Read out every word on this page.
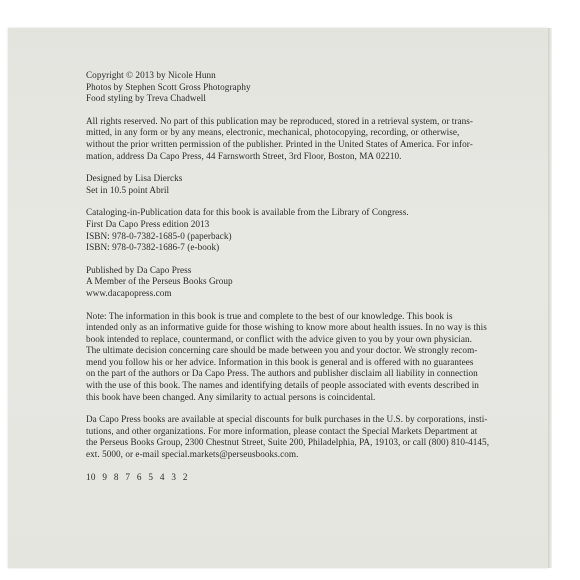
Copyright © 2013 by Nicole Hunn
Photos by Stephen Scott Gross Photography
Food styling by Treva Chadwell
All rights reserved. No part of this publication may be reproduced, stored in a retrieval system, or trans-
mitted, in any form or by any means, electronic, mechanical, photocopying, recording, or otherwise,
without the prior written permission of the publisher. Printed in the United States of America. For infor-
mation, address Da Capo Press, 44 Farnsworth Street, 3rd Floor, Boston, MA 02210.
Designed by Lisa Diercks
Set in 10.5 point Abril
Cataloging-in-Publication data for this book is available from the Library of Congress.
First Da Capo Press edition 2013
ISBN: 978-0-7382-1685-0 (paperback)
ISBN: 978-0-7382-1686-7 (e-book)
Published by Da Capo Press
A Member of the Perseus Books Group
www.dacapopress.com
Note: The information in this book is true and complete to the best of our knowledge. This book is
intended only as an informative guide for those wishing to know more about health issues. In no way is this
book intended to replace, countermand, or conflict with the advice given to you by your own physician.
The ultimate decision concerning care should be made between you and your doctor. We strongly recom-
mend you follow his or her advice. Information in this book is general and is offered with no guarantees
on the part of the authors or Da Capo Press. The authors and publisher disclaim all liability in connection
with the use of this book. The names and identifying details of people associated with events described in
this book have been changed. Any similarity to actual persons is coincidental.
Da Capo Press books are available at special discounts for bulk purchases in the U.S. by corporations, insti-
tutions, and other organizations. For more information, please contact the Special Markets Department at
the Perseus Books Group, 2300 Chestnut Street, Suite 200, Philadelphia, PA, 19103, or call (800) 810-4145,
ext. 5000, or e-mail special.markets@perseusbooks.com.
10 9 8 7 6 5 4 3 2
